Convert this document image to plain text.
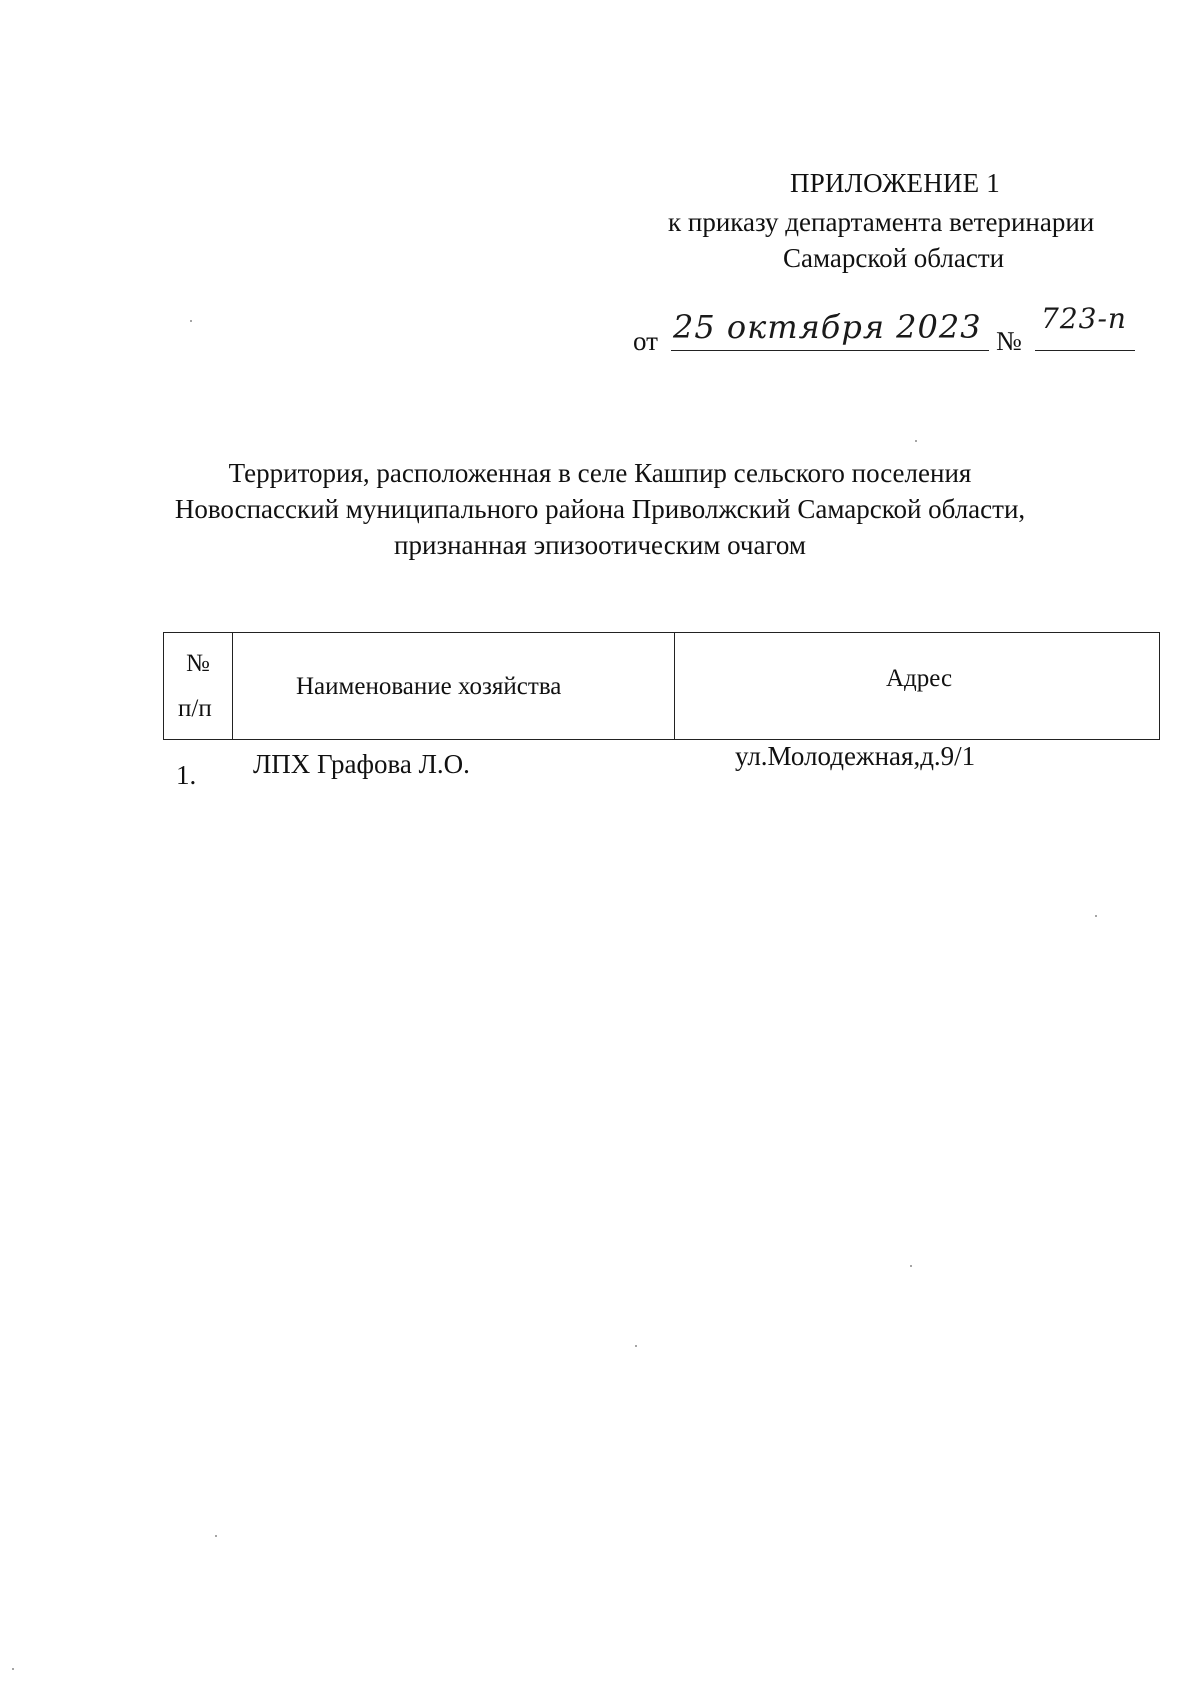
ПРИЛОЖЕНИЕ 1
к приказу департамента ветеринарии
Самарской области
от 25 октября 2023 №
723-п
Территория, расположенная в селе Кашпир сельского поселения
Новоспасский муниципального района Приволжский Самарской области,
признанная эпизоотическим очагом
№
п/п
Наименование хозяйства	Адрес
1. ЛПХ Графова Л.О.	ул.Молодежная,д.9/1
